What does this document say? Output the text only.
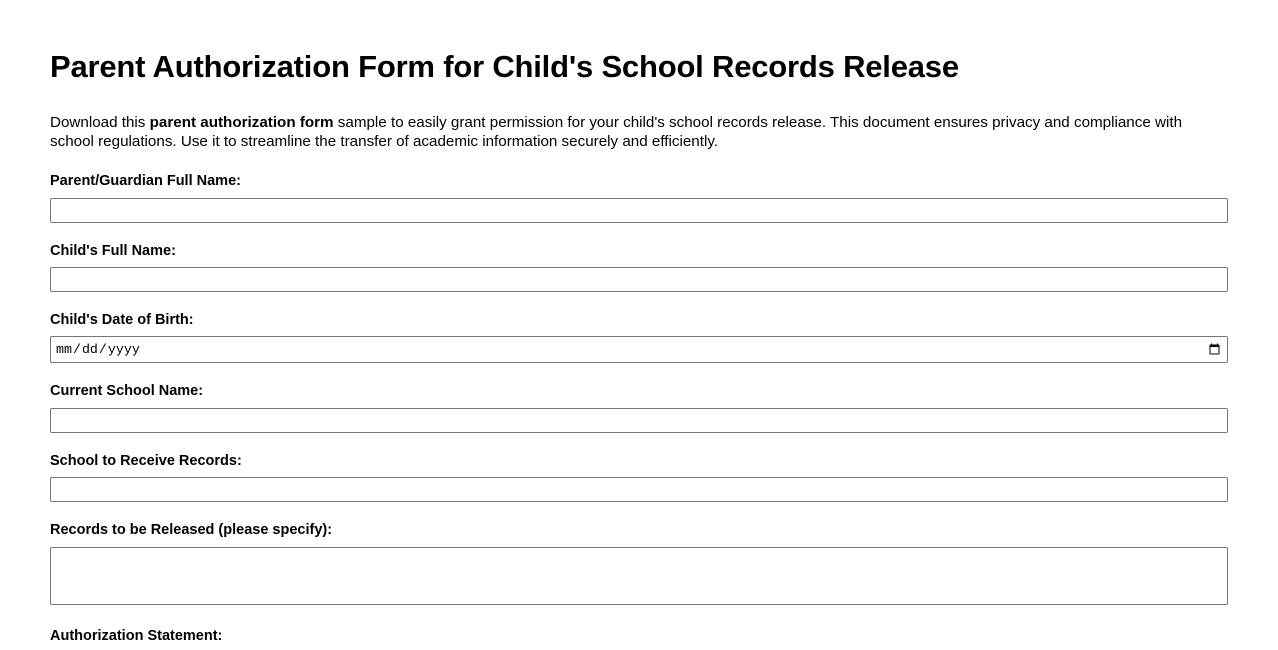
Parent Authorization Form for Child's School Records Release

Download this parent authorization form sample to easily grant permission for your child's school records release. This document ensures privacy and compliance with school regulations. Use it to streamline the transfer of academic information securely and efficiently.

Parent/Guardian Full Name:
Child's Full Name:
Child's Date of Birth:
Current School Name:
School to Receive Records:
Records to be Released (please specify):
Authorization Statement:
